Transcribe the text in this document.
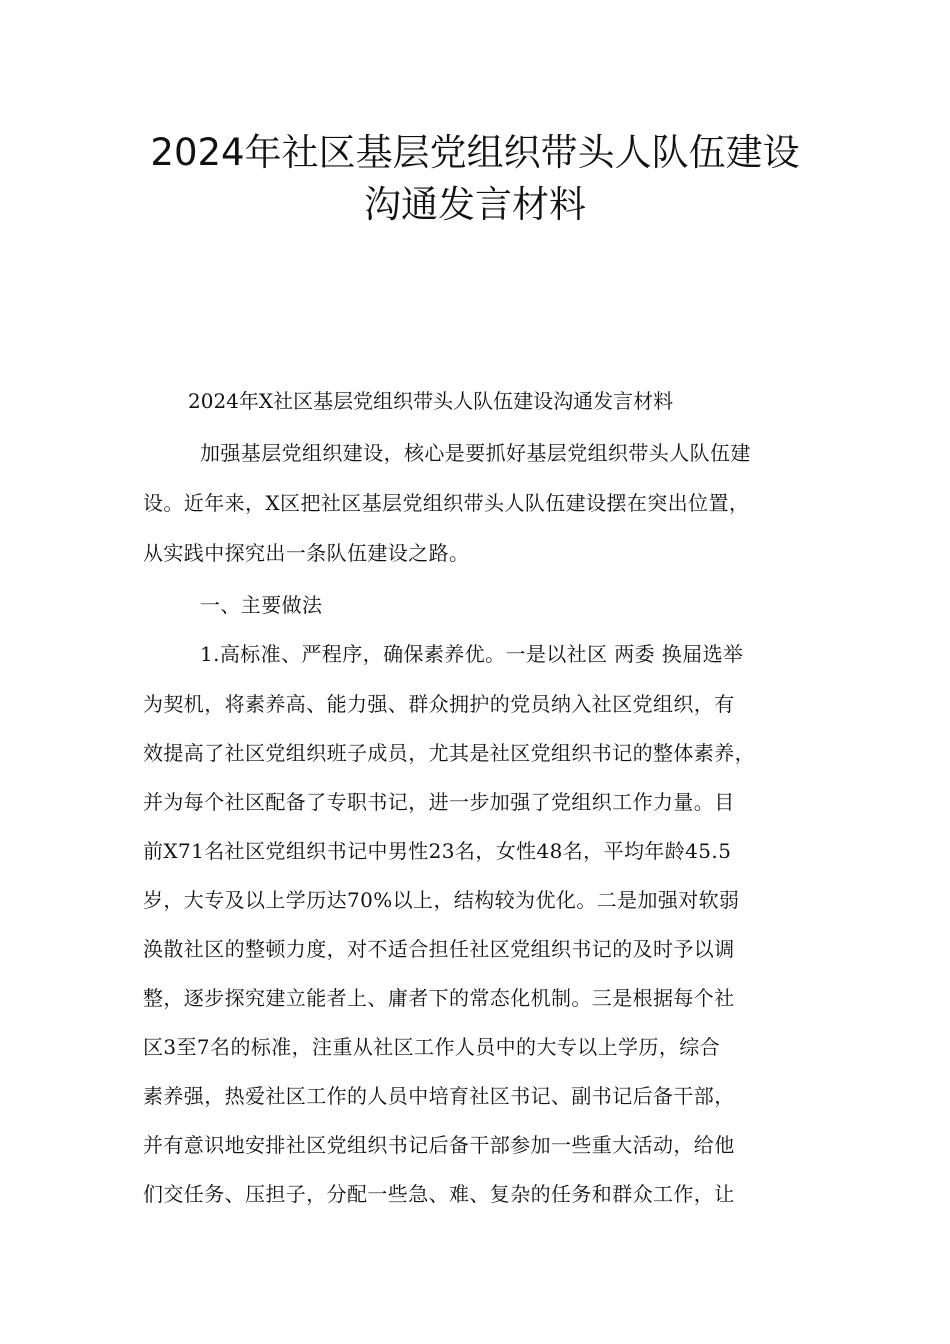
2024年社区基层党组织带头人队伍建设
沟通发言材料
2024年X社区基层党组织带头人队伍建设沟通发言材料
加强基层党组织建设，核心是要抓好基层党组织带头人队伍建
设。近年来，X区把社区基层党组织带头人队伍建设摆在突出位置，
从实践中探究出一条队伍建设之路。
一、主要做法
1.高标准、严程序，确保素养优。一是以社区 两委 换届选举
为契机，将素养高、能力强、群众拥护的党员纳入社区党组织，有
效提高了社区党组织班子成员，尤其是社区党组织书记的整体素养，
并为每个社区配备了专职书记，进一步加强了党组织工作力量。目
前X71名社区党组织书记中男性23名，女性48名，平均年龄45.5
岁，大专及以上学历达70%以上，结构较为优化。二是加强对软弱
涣散社区的整顿力度，对不适合担任社区党组织书记的及时予以调
整，逐步探究建立能者上、庸者下的常态化机制。三是根据每个社
区3至7名的标准，注重从社区工作人员中的大专以上学历，综合
素养强，热爱社区工作的人员中培育社区书记、副书记后备干部，
并有意识地安排社区党组织书记后备干部参加一些重大活动，给他
们交任务、压担子，分配一些急、难、复杂的任务和群众工作，让
